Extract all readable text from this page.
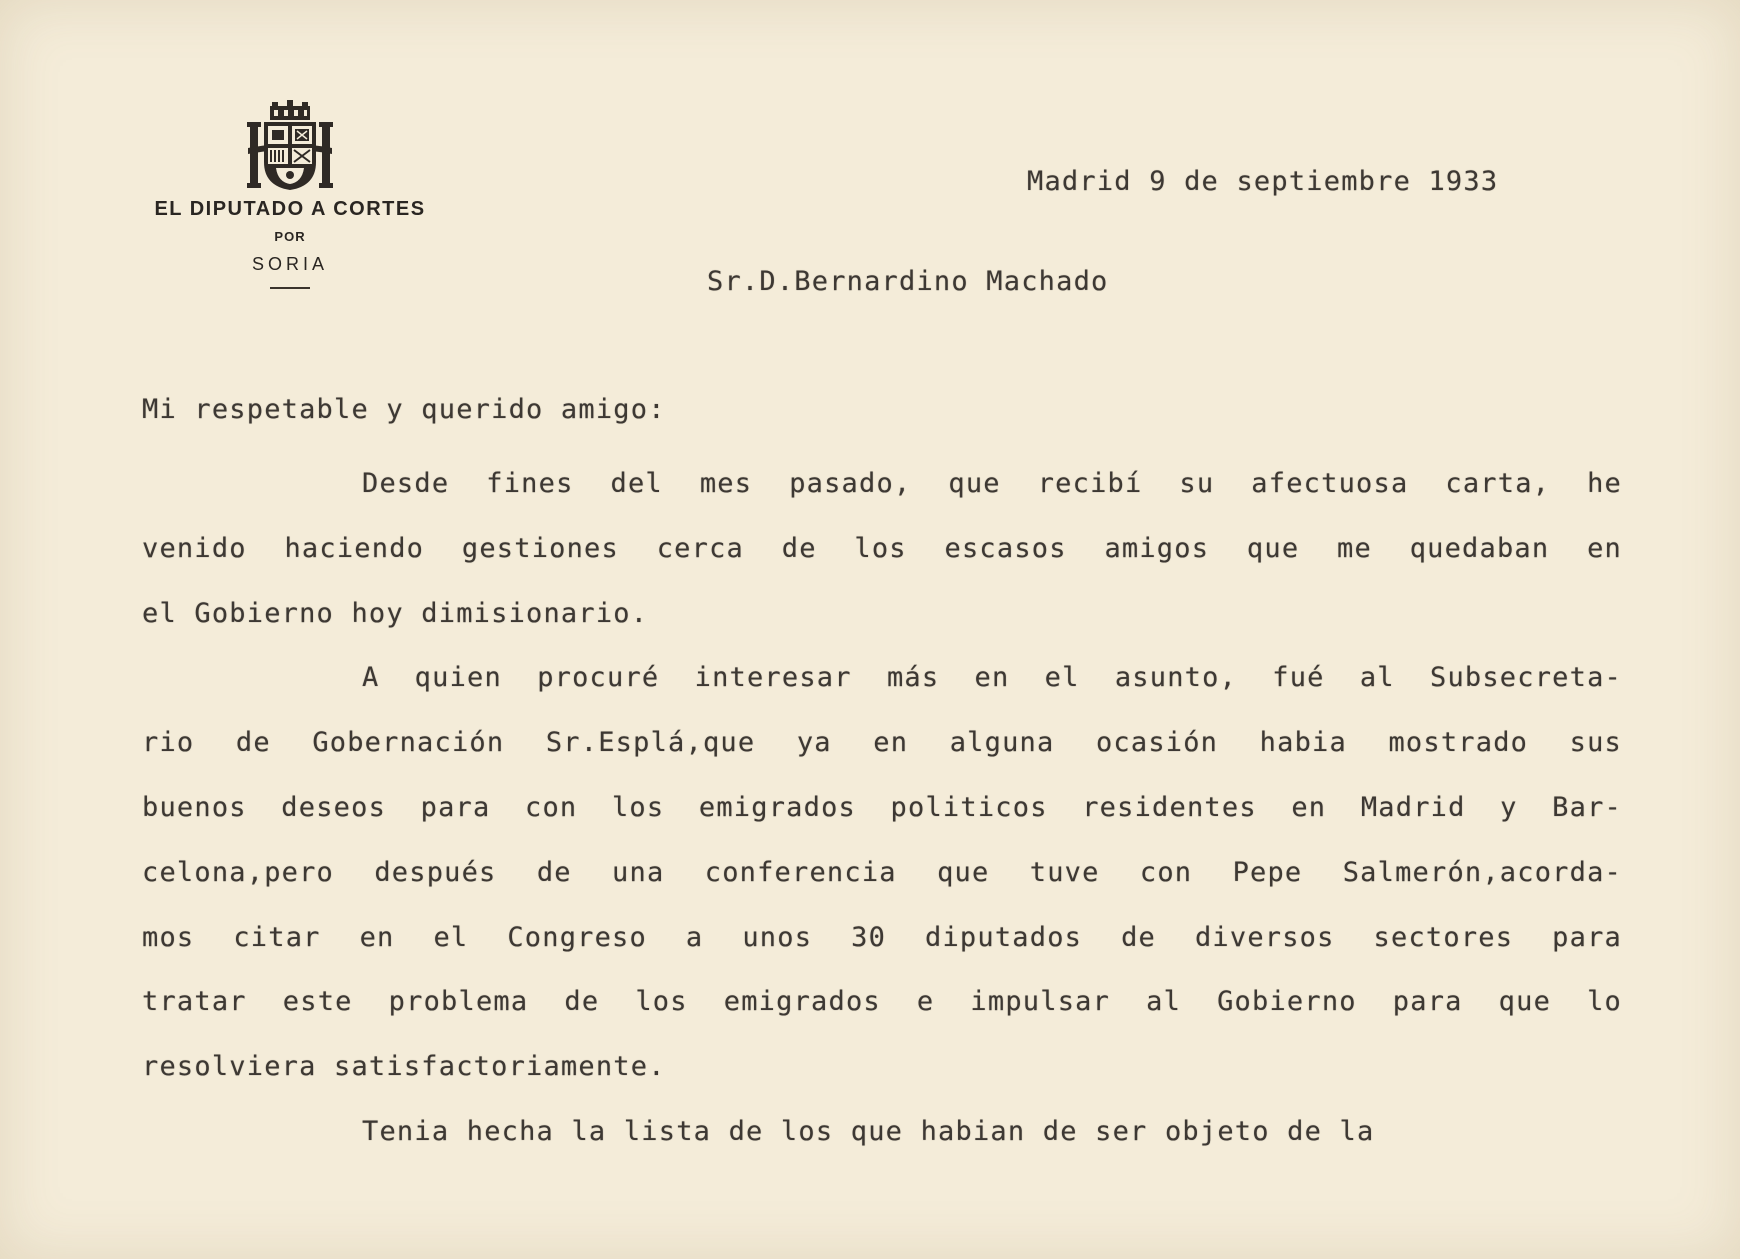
EL DIPUTADO A CORTES
POR
SORIA
Madrid 9 de septiembre 1933
Sr.D.Bernardino Machado
Mi respetable y querido amigo:
Desde fines del mes pasado, que recibí su afectuosa carta, he
venido haciendo gestiones cerca de los escasos amigos que me quedaban en
el Gobierno hoy dimisionario.
A quien procuré interesar más en el asunto, fué al Subsecreta-
rio de Gobernación Sr.Esplá,que ya en alguna ocasión habia mostrado sus
buenos deseos para con los emigrados politicos residentes en Madrid y Bar-
celona,pero después de una conferencia que tuve con Pepe Salmerón,acorda-
mos citar en el Congreso a unos 30 diputados de diversos sectores para
tratar este problema de los emigrados e impulsar al Gobierno para que lo
resolviera satisfactoriamente.
Tenia hecha la lista de los que habian de ser objeto de la
